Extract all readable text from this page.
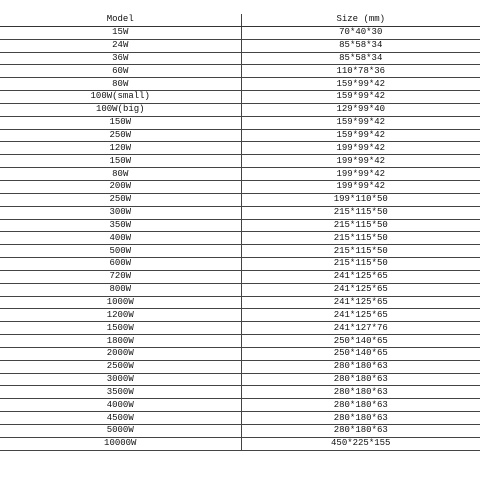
Model	Size (mm)
15W	70*40*30
24W	85*58*34
36W	85*58*34
60W	110*78*36
80W	159*99*42
100W(small)	159*99*42
100W(big)	129*99*40
150W	159*99*42
250W	159*99*42
120W	199*99*42
150W	199*99*42
80W	199*99*42
200W	199*99*42
250W	199*110*50
300W	215*115*50
350W	215*115*50
400W	215*115*50
500W	215*115*50
600W	215*115*50
720W	241*125*65
800W	241*125*65
1000W	241*125*65
1200W	241*125*65
1500W	241*127*76
1800W	250*140*65
2000W	250*140*65
2500W	280*180*63
3000W	280*180*63
3500W	280*180*63
4000W	280*180*63
4500W	280*180*63
5000W	280*180*63
10000W	450*225*155
